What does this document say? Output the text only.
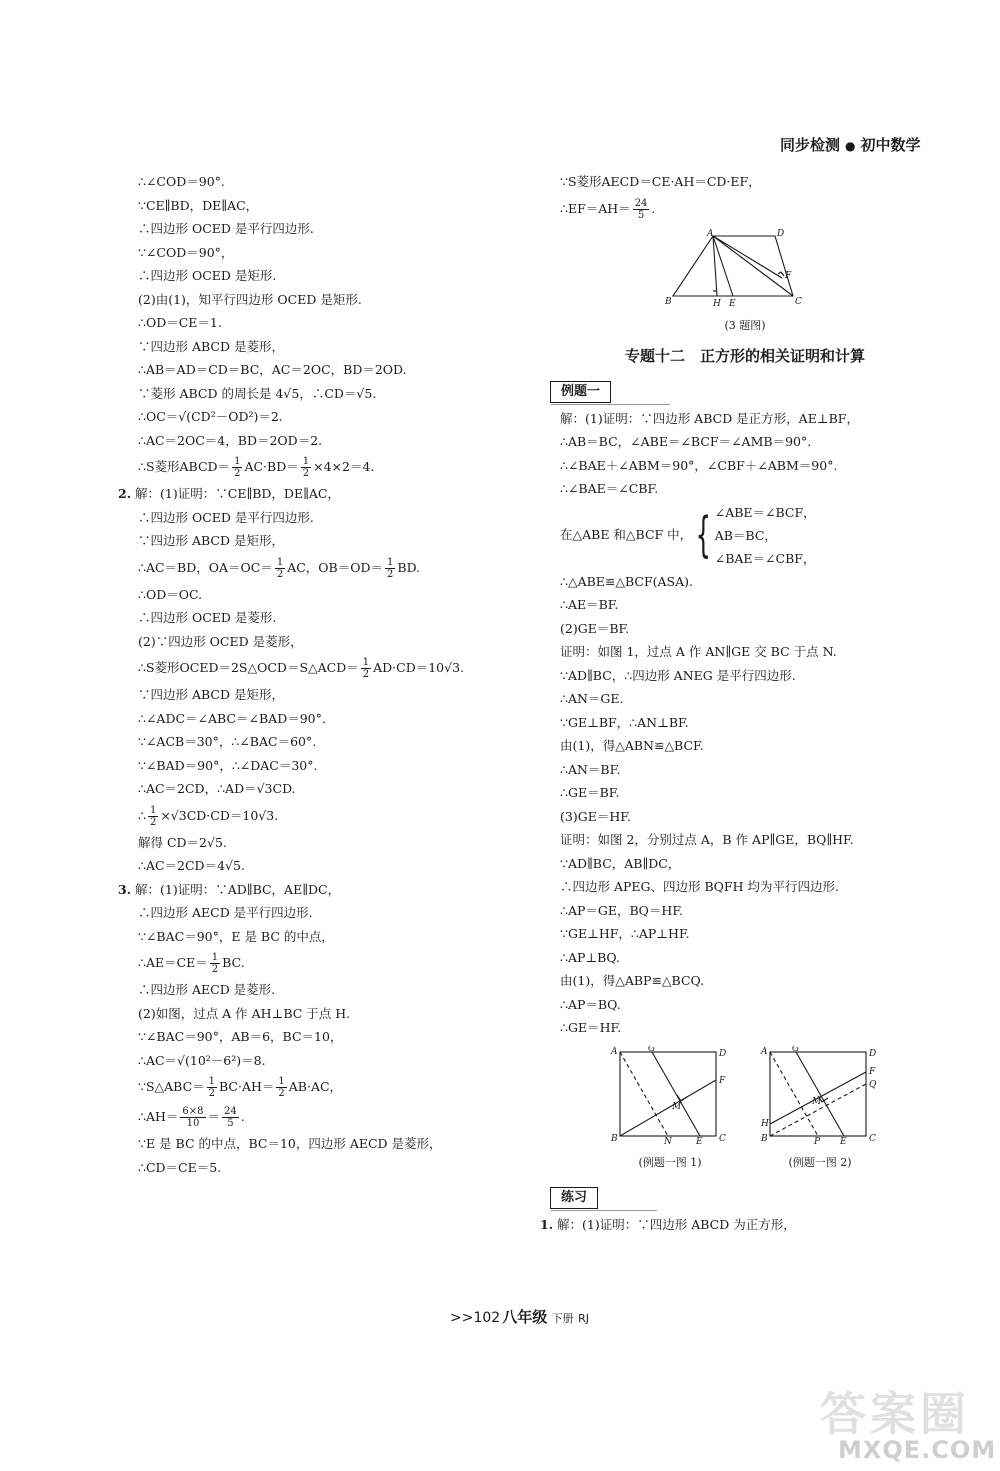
同步检测 ● 初中数学
∴∠COD＝90°.
∵CE∥BD，DE∥AC，
∴四边形 OCED 是平行四边形.
∵∠COD＝90°，
∴四边形 OCED 是矩形.
(2)由(1)，知平行四边形 OCED 是矩形.
∴OD＝CE＝1.
∵四边形 ABCD 是菱形，
∴AB＝AD＝CD＝BC，AC＝2OC，BD＝2OD.
∵菱形 ABCD 的周长是 4√5，∴CD＝√5.
∴OC＝√(CD²－OD²)＝2.
∴AC＝2OC＝4，BD＝2OD＝2.
∴S菱形ABCD＝ $\frac{1}{2} AC\cdot BD= \frac{1}{2} \times 4\times 2=4$.
2. 解：(1)证明：∵CE∥BD，DE∥AC，
∴四边形 OCED 是平行四边形.
∵四边形 ABCD 是矩形，
∴AC＝BD，$OA=OC= \frac{1}{2}$ AC，$OB=OD= \frac{1}{2}$ BD.
∴OD＝OC.
∴四边形 OCED 是菱形.
(2)∵四边形 OCED 是菱形，
∴S菱形OCED＝2S△OCD＝S△ACD＝ $\frac{1}{2} AD\cdot CD=10√3$.
∵四边形 ABCD 是矩形，
∴∠ADC＝∠ABC＝∠BAD＝90°.
∵∠ACB＝30°，∴∠BAC＝60°.
∵∠BAD＝90°，∴∠DAC＝30°.
∴AC＝2CD，∴AD＝√3CD.
∴ $\frac{1}{2} \times√3CD\cdot CD=10√3$.
解得 CD＝2√5.
∴AC＝2CD＝4√5.
3. 解：(1)证明：∵AD∥BC，AE∥DC，
∴四边形 AECD 是平行四边形.
∵∠BAC＝90°，E 是 BC 的中点，
∴AE＝CE＝ $\frac{1}{2}$ BC.
∴四边形 AECD 是菱形.
(2)如图，过点 A 作 AH⊥BC 于点 H.
∵∠BAC＝90°，AB＝6，BC＝10，
∴AC＝√(10²－6²)＝8.
∵S△ABC＝ $\frac{1}{2} BC\cdot AH= \frac{1}{2} AB\cdot AC$，
∴AH＝ $\frac{6\times 8}{10} = \frac{24}{5}$ .
∵E 是 BC 的中点，BC＝10，四边形 AECD 是菱形，
∴CD＝CE＝5.
∵S菱形AECD＝CE·AH＝CD·EF，
∴EF＝AH＝ $\frac{24}{5}$ .
A	D
B	H E
F
C
(3 题图)
专题十二　正方形的相关证明和计算
例题一
解：(1)证明：∵四边形 ABCD 是正方形，AE⊥BF，
∴AB＝BC，∠ABE＝∠BCF＝∠AMB＝90°.
∴∠BAE＋∠ABM＝90°，∠CBF＋∠ABM＝90°.
∴∠BAE＝∠CBF.
在△ABE 和△BCF 中， { ∠ABE＝∠BCF，
AB＝BC，
∠BAE＝∠CBF，
∴△ABE≌△BCF(ASA).
∴AE＝BF.
(2)GE＝BF.
证明：如图 1，过点 A 作 AN∥GE 交 BC 于点 N.
∵AD∥BC，∴四边形 ANEG 是平行四边形.
∴AN＝GE.
∵GE⊥BF，∴AN⊥BF.
由(1)，得△ABN≌△BCF.
∴AN＝BF.
∴GE＝BF.
(3)GE＝HF.
证明：如图 2，分别过点 A，B 作 AP∥GE，BQ∥HF.
∵AD∥BC，AB∥DC，
∴四边形 APEG、四边形 BQFH 均为平行四边形.
∴AP＝GE，BQ＝HF.
∵GE⊥HF，∴AP⊥HF.
∴AP⊥BQ.
由(1)，得△ABP≌△BCQ.
∴AP＝BQ.
∴GE＝HF.
A	G	D
F
M
B	N	E C
(例题一图 1)
A	G	D
F
Q
M
H
B	P E C
(例题一图 2)
练习
1. 解：(1)证明：∵四边形 ABCD 为正方形，
>>102 八年级 下册 RJ
答案圈
MXQE.COM
